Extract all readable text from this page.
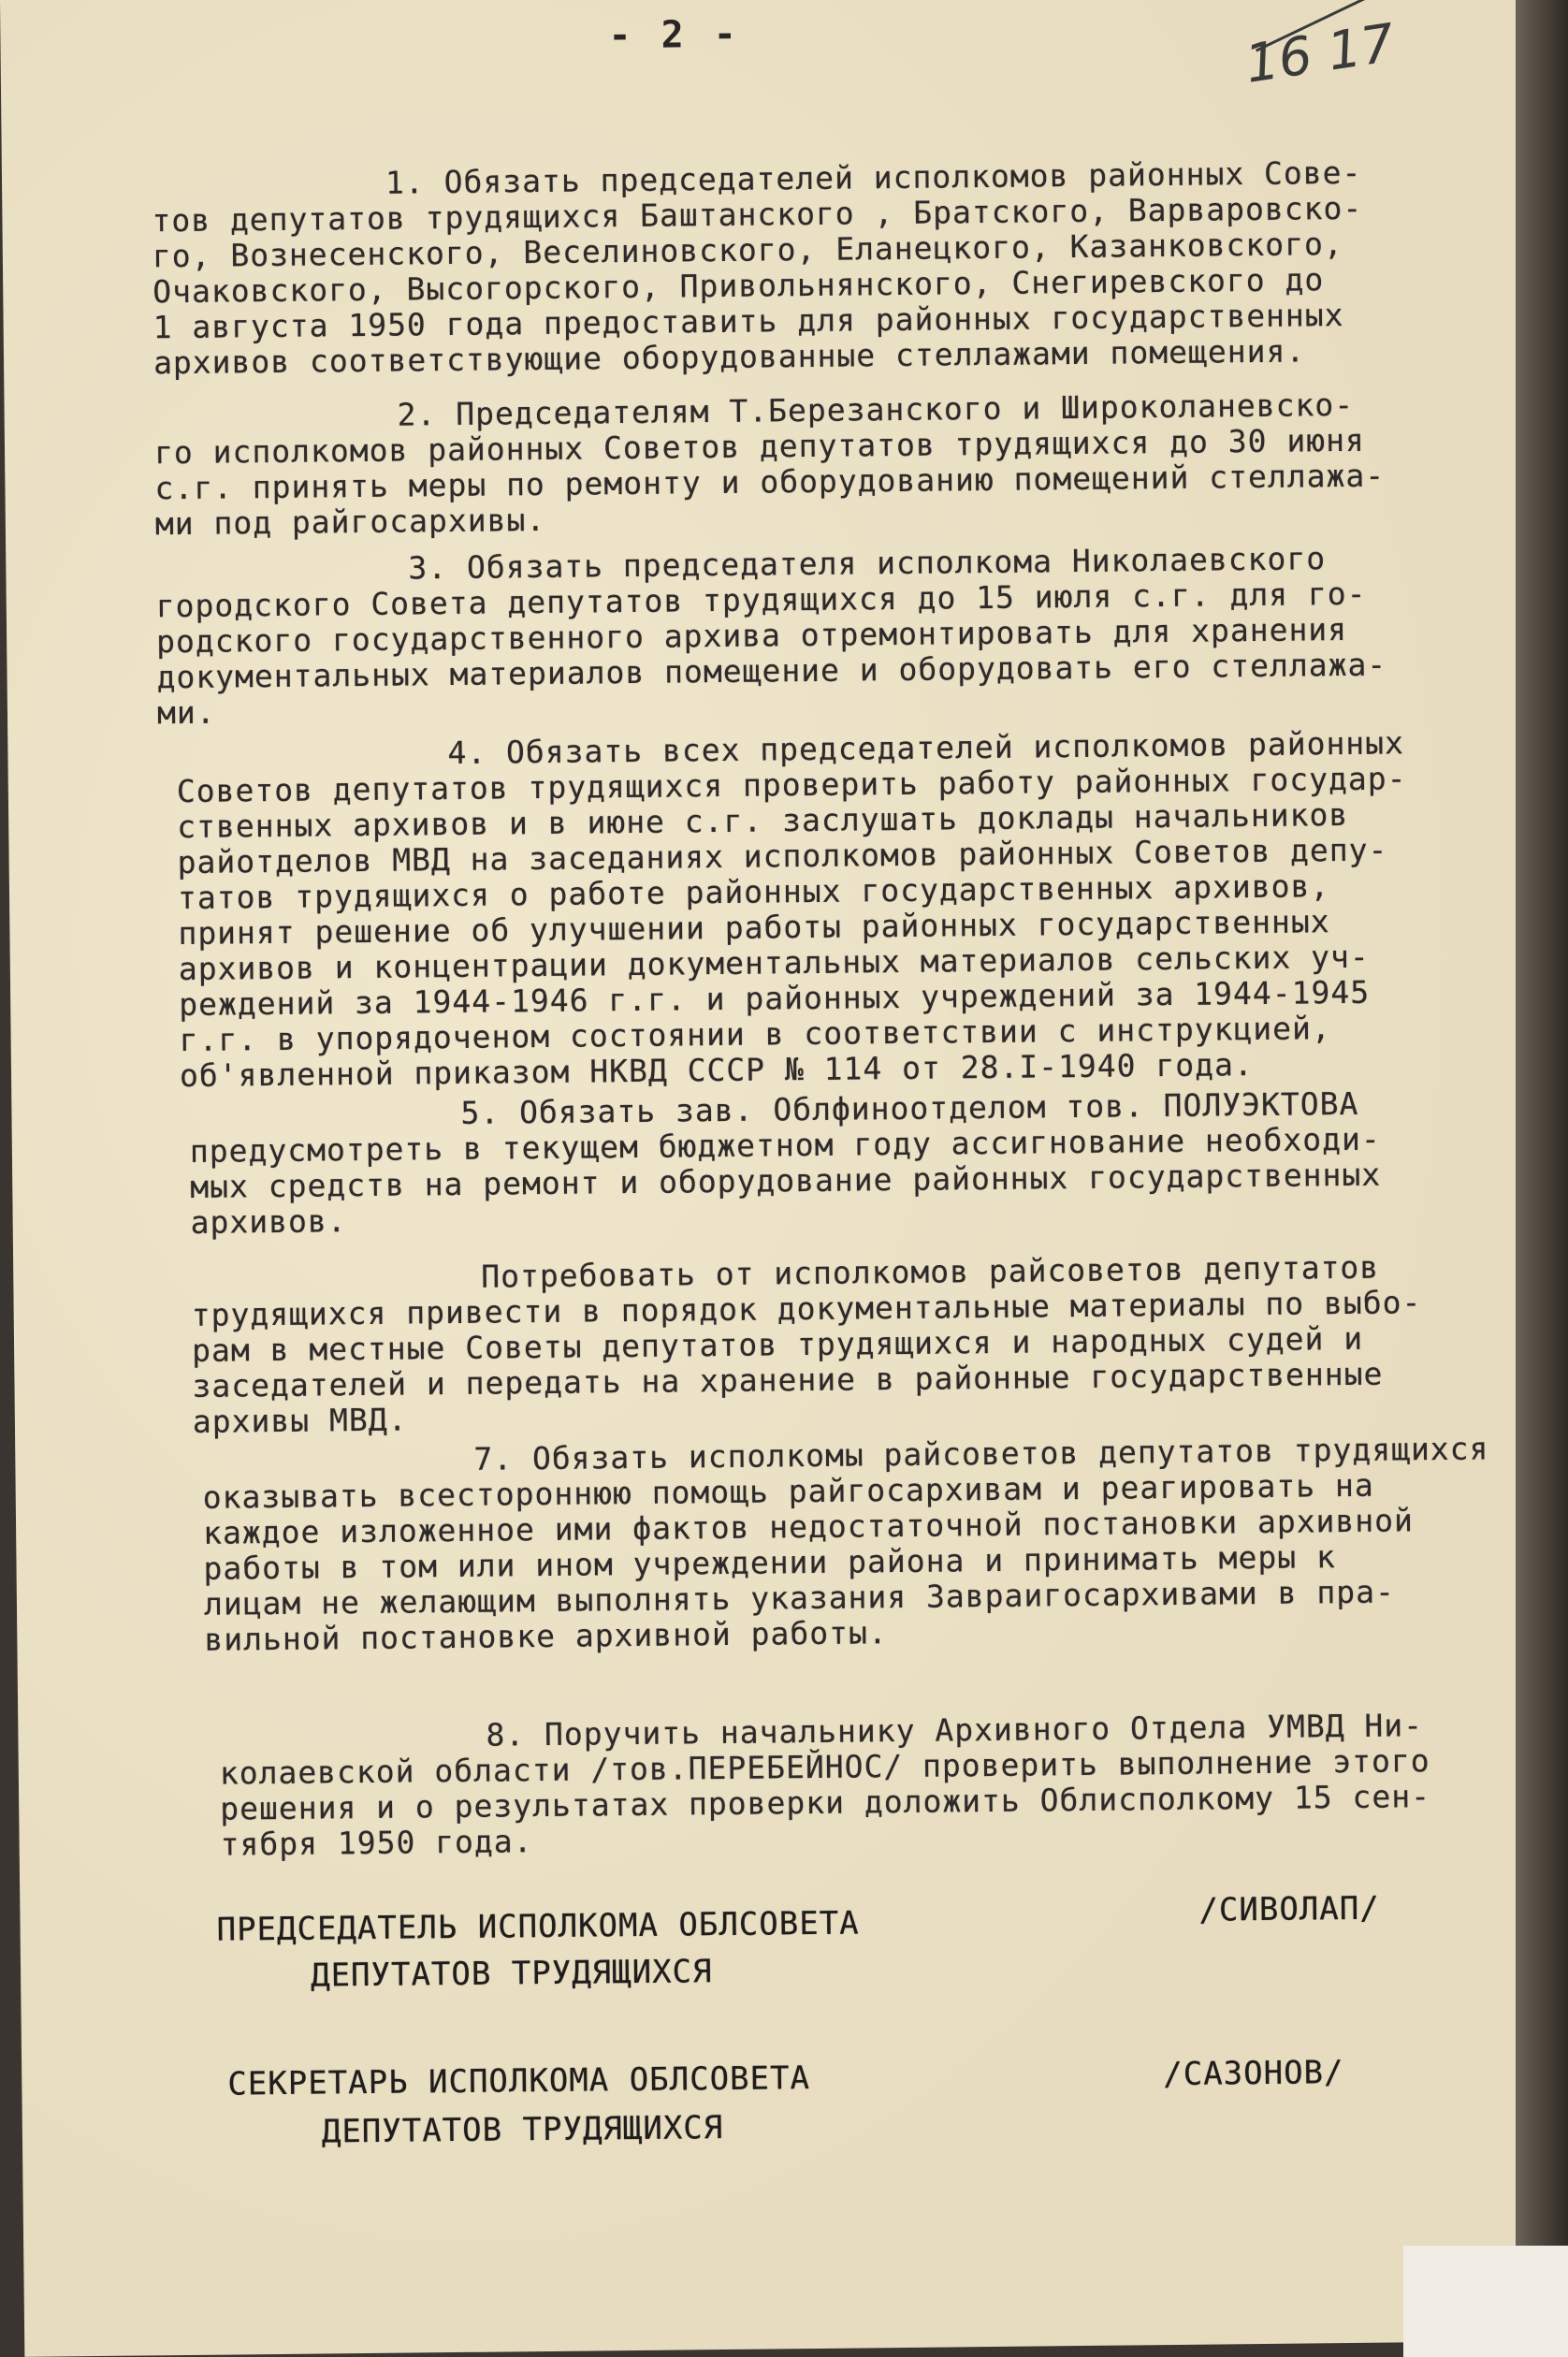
- 2 -	16 17
1. Обязать председателей исполкомов районных Сове-
тов депутатов трудящихся Баштанского , Братского, Варваровско-
го, Вознесенского, Веселиновского, Еланецкого, Казанковского,
Очаковского, Высогорского, Привольнянского, Снегиревского до
1 августа 1950 года предоставить для районных государственных
архивов соответствующие оборудованные стеллажами помещения.
2. Председателям Т.Березанского и Широколаневско-
го исполкомов районных Советов депутатов трудящихся до 30 июня
с.г. принять меры по ремонту и оборудованию помещений стеллажа-
ми под райгосархивы.
3. Обязать председателя исполкома Николаевского
городского Совета депутатов трудящихся до 15 июля с.г. для го-
родского государственного архива отремонтировать для хранения
документальных материалов помещение и оборудовать его стеллажа-
ми.
4. Обязать всех председателей исполкомов районных
Советов депутатов трудящихся проверить работу районных государ-
ственных архивов и в июне с.г. заслушать доклады начальников
райотделов МВД на заседаниях исполкомов районных Советов депу-
татов трудящихся о работе районных государственных архивов,
принят решение об улучшении работы районных государственных
архивов и концентрации документальных материалов сельских уч-
реждений за 1944-1946 г.г. и районных учреждений за 1944-1945
г.г. в упорядоченом состоянии в соответствии с инструкцией,
об'явленной приказом НКВД СССР № 114 от 28.I-1940 года.
5. Обязать зав. Облфиноотделом тов. ПОЛУЭКТОВА
предусмотреть в текущем бюджетном году ассигнование необходи-
мых средств на ремонт и оборудование районных государственных
архивов.
Потребовать от исполкомов райсоветов депутатов
трудящихся привести в порядок документальные материалы по выбо-
рам в местные Советы депутатов трудящихся и народных судей и
заседателей и передать на хранение в районные государственные
архивы МВД.
7. Обязать исполкомы райсоветов депутатов трудящихся
оказывать всестороннюю помощь райгосархивам и реагировать на
каждое изложенное ими фактов недостаточной постановки архивной
работы в том или ином учреждении района и принимать меры к
лицам не желающим выполнять указания Завраигосархивами в пра-
вильной постановке архивной работы.
8. Поручить начальнику Архивного Отдела УМВД Ни-
колаевской области /тов.ПЕРЕБЕЙНОС/ проверить выполнение этого
решения и о результатах проверки доложить Облисполкому 15 сен-
тября 1950 года.
ПРЕДСЕДАТЕЛЬ ИСПОЛКОМА ОБЛСОВЕТА
ДЕПУТАТОВ ТРУДЯЩИХСЯ
/СИВОЛАП/
СЕКРЕТАРЬ ИСПОЛКОМА ОБЛСОВЕТА
ДЕПУТАТОВ ТРУДЯЩИХСЯ
/САЗОНОВ/
